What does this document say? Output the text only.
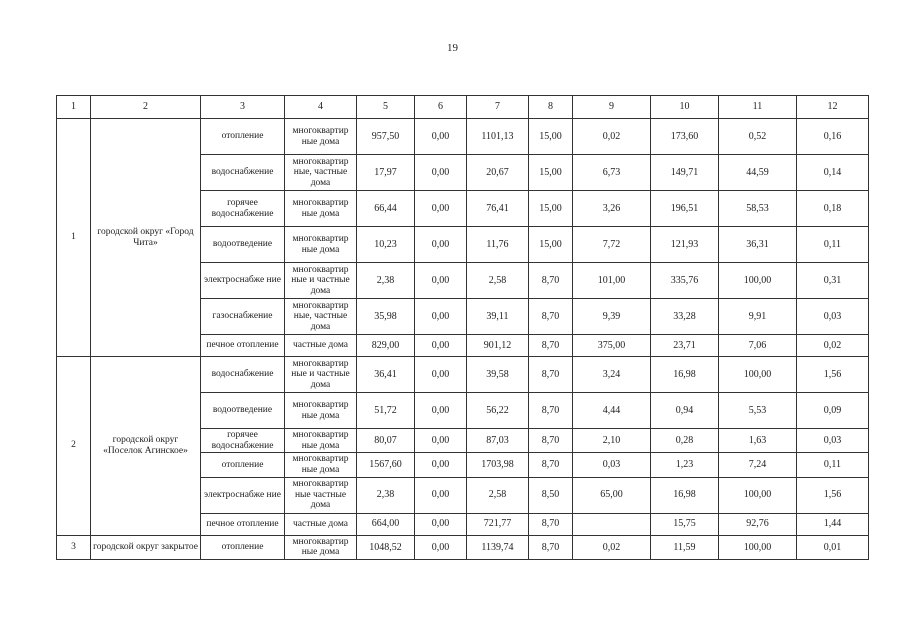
19
1	2	3	4	5	6	7	8	9	10	11	12
1	городской округ «Город Чита»	отопление	многоквартир ные дома	957,50	0,00	1101,13	15,00	0,02	173,60	0,52	0,16
		водоснабжение	многоквартир ные, частные дома	17,97	0,00	20,67	15,00	6,73	149,71	44,59	0,14
		горячее водоснабжение	многоквартир ные дома	66,44	0,00	76,41	15,00	3,26	196,51	58,53	0,18
		водоотведение	многоквартир ные дома	10,23	0,00	11,76	15,00	7,72	121,93	36,31	0,11
		электроснабже ние	многоквартир ные и частные дома	2,38	0,00	2,58	8,70	101,00	335,76	100,00	0,31
		газоснабжение	многоквартир ные, частные дома	35,98	0,00	39,11	8,70	9,39	33,28	9,91	0,03
		печное отопление	частные дома	829,00	0,00	901,12	8,70	375,00	23,71	7,06	0,02
2	городской округ «Поселок Агинское»	водоснабжение	многоквартир ные и частные дома	36,41	0,00	39,58	8,70	3,24	16,98	100,00	1,56
		водоотведение	многоквартир ные дома	51,72	0,00	56,22	8,70	4,44	0,94	5,53	0,09
		горячее водоснабжение	многоквартир ные дома	80,07	0,00	87,03	8,70	2,10	0,28	1,63	0,03
		отопление	многоквартир ные дома	1567,60	0,00	1703,98	8,70	0,03	1,23	7,24	0,11
		электроснабже ние	многоквартир ные частные дома	2,38	0,00	2,58	8,50	65,00	16,98	100,00	1,56
		печное отопление	частные дома	664,00	0,00	721,77	8,70		15,75	92,76	1,44
3	городской округ закрытое	отопление	многоквартир ные дома	1048,52	0,00	1139,74	8,70	0,02	11,59	100,00	0,01
